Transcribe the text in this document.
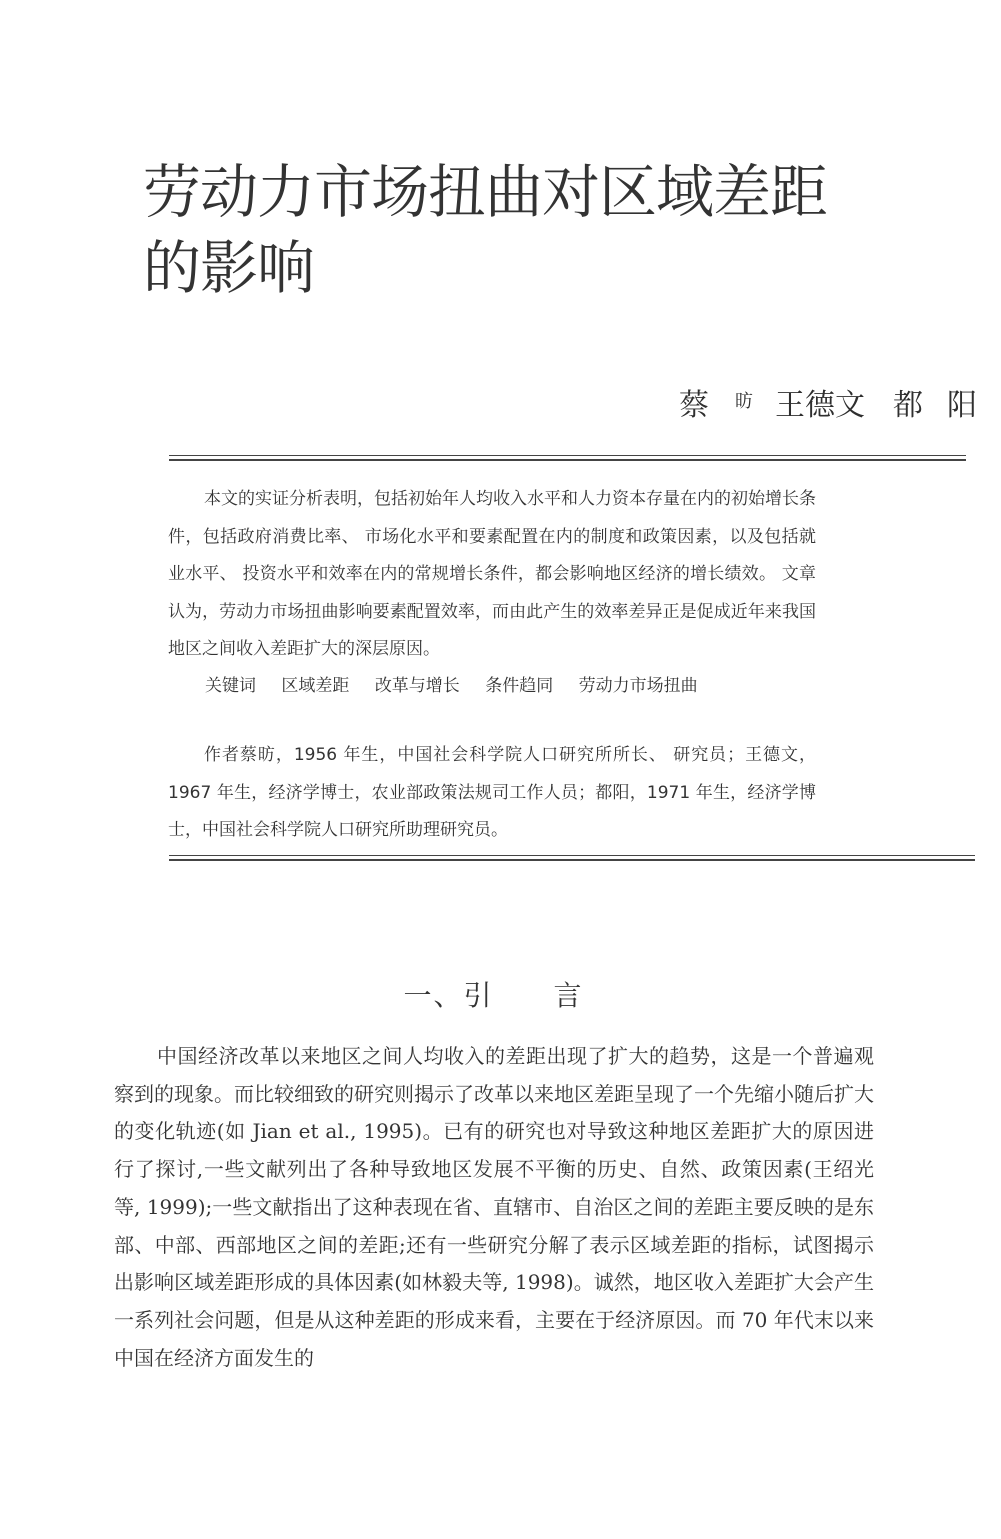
劳动力市场扭曲对区域差距的影响
蔡 昉 王德文 都阳

本文的实证分析表明，包括初始年人均收入水平和人力资本存量在内的初始增长条件，包括政府消费比率、 市场化水平和要素配置在内的制度和政策因素，以及包括就业水平、 投资水平和效率在内的常规增长条件，都会影响地区经济的增长绩效。 文章认为，劳动力市场扭曲影响要素配置效率，而由此产生的效率差异正是促成近年来我国地区之间收入差距扩大的深层原因。

关键词 区域差距 改革与增长 条件趋同 劳动力市场扭曲

作者蔡昉，1956 年生，中国社会科学院人口研究所所长、 研究员；王德文，1967 年生，经济学博士，农业部政策法规司工作人员；都阳，1971 年生，经济学博士，中国社会科学院人口研究所助理研究员。

一、引 言

中国经济改革以来地区之间人均收入的差距出现了扩大的趋势，这是一个普遍观察到的现象。而比较细致的研究则揭示了改革以来地区差距呈现了一个先缩小随后扩大的变化轨迹(如 Jian et al., 1995)。已有的研究也对导致这种地区差距扩大的原因进行了探讨,一些文献列出了各种导致地区发展不平衡的历史、自然、政策因素(王绍光等, 1999);一些文献指出了这种表现在省、直辖市、自治区之间的差距主要反映的是东部、中部、西部地区之间的差距;还有一些研究分解了表示区域差距的指标，试图揭示出影响区域差距形成的具体因素(如林毅夫等, 1998)。诚然，地区收入差距扩大会产生一系列社会问题，但是从这种差距的形成来看，主要在于经济原因。而 70 年代末以来中国在经济方面发生的
